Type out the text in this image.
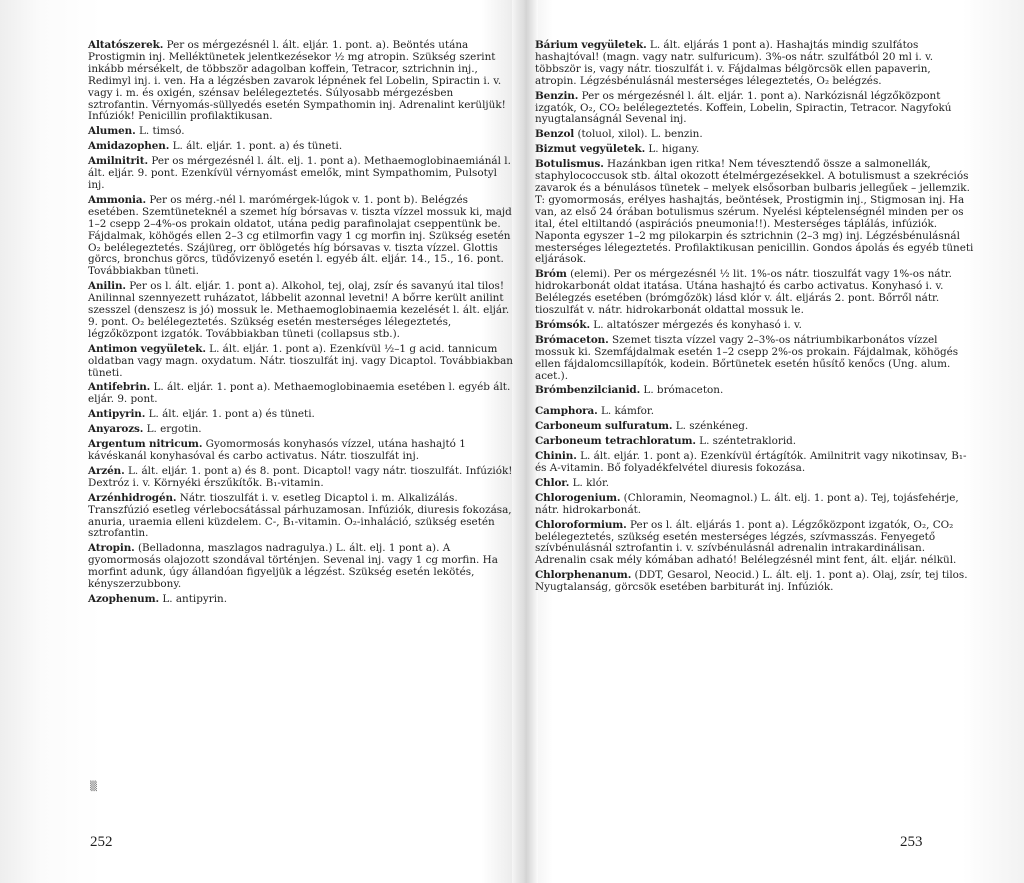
Altatószerek. Per os mérgezésnél l. ált. eljár. 1. pont. a). Beöntés utána Prostigmin inj. Melléktünetek jelentkezésekor ½ mg atropin. Szükség szerint inkább mérsékelt, de többször adagolban koffein, Tetracor, sztrichnin inj., Redimyl inj. i. ven. Ha a légzésben zavarok lépnének fel Lobelin, Spiractin i. v. vagy i. m. és oxigén, szénsav belélegeztetés. Súlyosabb mérgezésben sztrofantin. Vérnyomás-süllyedés esetén Sympathomin inj. Adrenalint kerüljük! Infúziók! Penicillin profilaktikusan.
Alumen. L. timsó.
Amidazophen. L. ált. eljár. 1. pont. a) és tüneti.
Amilnitrit. Per os mérgezésnél l. ált. elj. 1. pont a). Methaemoglobinaemiánál l. ált. eljár. 9. pont. Ezenkívül vérnyomást emelők, mint Sympathomim, Pulsotyl inj.
Ammonia. Per os mérg.-nél l. marómérgek-lúgok v. 1. pont b). Belégzés esetében. Szemtüneteknél a szemet híg bórsavas v. tiszta vízzel mossuk ki, majd 1–2 csepp 2–4%-os prokain oldatot, utána pedig parafinolajat cseppentünk be. Fájdalmak, köhögés ellen 2–3 cg etilmorfin vagy 1 cg morfin inj. Szükség esetén O₂ belélegeztetés. Szájüreg, orr öblögetés híg bórsavas v. tiszta vízzel. Glottis görcs, bronchus görcs, tüdővizenyő esetén l. egyéb ált. eljár. 14., 15., 16. pont. Továbbiakban tüneti.
Anilin. Per os l. ált. eljár. 1. pont a). Alkohol, tej, olaj, zsír és savanyú ital tilos! Anilinnal szennyezett ruházatot, lábbelit azonnal levetni! A bőrre került anilint szesszel (denszesz is jó) mossuk le. Methaemoglobinaemia kezelését l. ált. eljár. 9. pont. O₂ belélegeztetés. Szükség esetén mesterséges lélegeztetés, légzőközpont izgatók. Továbbiakban tüneti (collapsus stb.).
Antimon vegyületek. L. ált. eljár. 1. pont a). Ezenkívül ½–1 g acid. tannicum oldatban vagy magn. oxydatum. Nátr. tioszulfát inj. vagy Dicaptol. Továbbiakban tüneti.
Antifebrin. L. ált. eljár. 1. pont a). Methaemoglobinaemia esetében l. egyéb ált. eljár. 9. pont.
Antipyrin. L. ált. eljár. 1. pont a) és tüneti.
Anyarozs. L. ergotin.
Argentum nitricum. Gyomormosás konyhasós vízzel, utána hashajtó 1 kávéskanál konyhasóval és carbo activatus. Nátr. tioszulfát inj.
Arzén. L. ált. eljár. 1. pont a) és 8. pont. Dicaptol! vagy nátr. tioszulfát. Infúziók! Dextróz i. v. Környéki érszűkítők. B₁-vitamin.
Arzénhidrogén. Nátr. tioszulfát i. v. esetleg Dicaptol i. m. Alkalizálás. Transzfúzió esetleg vérlebocsátással párhuzamosan. Infúziók, diuresis fokozása, anuria, uraemia elleni küzdelem. C-, B₁-vitamin. O₂-inhaláció, szükség esetén sztrofantin.
Atropin. (Belladonna, maszlagos nadragulya.) L. ált. elj. 1 pont a). A gyomormosás olajozott szondával történjen. Sevenal inj. vagy 1 cg morfin. Ha morfint adunk, úgy állandóan figyeljük a légzést. Szükség esetén lekötés, kényszerzubbony.
Azophenum. L. antipyrin.
▒
252
Bárium vegyületek. L. ált. eljárás 1 pont a). Hashajtás mindig szulfátos hashajtóval! (magn. vagy natr. sulfuricum). 3%-os nátr. szulfátból 20 ml i. v. többször is, vagy nátr. tioszulfát i. v. Fájdalmas bélgörcsök ellen papaverin, atropin. Légzésbénulásnál mesterséges lélegeztetés, O₂ belégzés.
Benzin. Per os mérgezésnél l. ált. eljár. 1. pont a). Narkózisnál légzőközpont izgatók, O₂, CO₂ belélegeztetés. Koffein, Lobelin, Spiractin, Tetracor. Nagyfokú nyugtalanságnál Sevenal inj.
Benzol (toluol, xilol). L. benzin.
Bizmut vegyületek. L. higany.
Botulismus. Hazánkban igen ritka! Nem tévesztendő össze a salmonellák, staphylococcusok stb. által okozott ételmérgezésekkel. A botulismust a szekréciós zavarok és a bénulásos tünetek – melyek elsősorban bulbaris jellegűek – jellemzik. T: gyomormosás, erélyes hashajtás, beöntések, Prostigmin inj., Stigmosan inj. Ha van, az első 24 órában botulismus szérum. Nyelési képtelenségnél minden per os ital, étel eltiltandó (aspirációs pneumonia!!). Mesterséges táplálás, infúziók. Naponta egyszer 1–2 mg pilokarpin és sztrichnin (2–3 mg) inj. Légzésbénulásnál mesterséges lélegeztetés. Profilaktikusan penicillin. Gondos ápolás és egyéb tüneti eljárások.
Bróm (elemi). Per os mérgezésnél ½ lit. 1%-os nátr. tioszulfát vagy 1%-os nátr. hidrokarbonát oldat itatása. Utána hashajtó és carbo activatus. Konyhasó i. v. Belélegzés esetében (brómgőzök) lásd klór v. ált. eljárás 2. pont. Bőrről nátr. tioszulfát v. nátr. hidrokarbonát oldattal mossuk le.
Brómsók. L. altatószer mérgezés és konyhasó i. v.
Brómaceton. Szemet tiszta vízzel vagy 2–3%-os nátriumbikarbonátos vízzel mossuk ki. Szemfájdalmak esetén 1–2 csepp 2%-os prokain. Fájdalmak, köhögés ellen fájdalomcsillapítók, kodein. Bőrtünetek esetén hűsítő kenőcs (Ung. alum. acet.).
Brómbenzilcianid. L. brómaceton.
Camphora. L. kámfor.
Carboneum sulfuratum. L. szénkéneg.
Carboneum tetrachloratum. L. széntetraklorid.
Chinin. L. ált. eljár. 1. pont a). Ezenkívül értágítók. Amilnitrit vagy nikotinsav, B₁- és A-vitamin. Bő folyadékfelvétel diuresis fokozása.
Chlor. L. klór.
Chlorogenium. (Chloramin, Neomagnol.) L. ált. elj. 1. pont a). Tej, tojásfehérje, nátr. hidrokarbonát.
Chloroformium. Per os l. ált. eljárás 1. pont a). Légzőközpont izgatók, O₂, CO₂ belélegeztetés, szükség esetén mesterséges légzés, szívmasszás. Fenyegető szívbénulásnál sztrofantin i. v. szívbénulásnál adrenalin intrakardinálisan. Adrenalin csak mély kómában adható! Belélegzésnél mint fent, ált. eljár. nélkül.
Chlorphenanum. (DDT, Gesarol, Neocid.) L. ált. elj. 1. pont a). Olaj, zsír, tej tilos. Nyugtalanság, görcsök esetében barbiturát inj. Infúziók.
253
